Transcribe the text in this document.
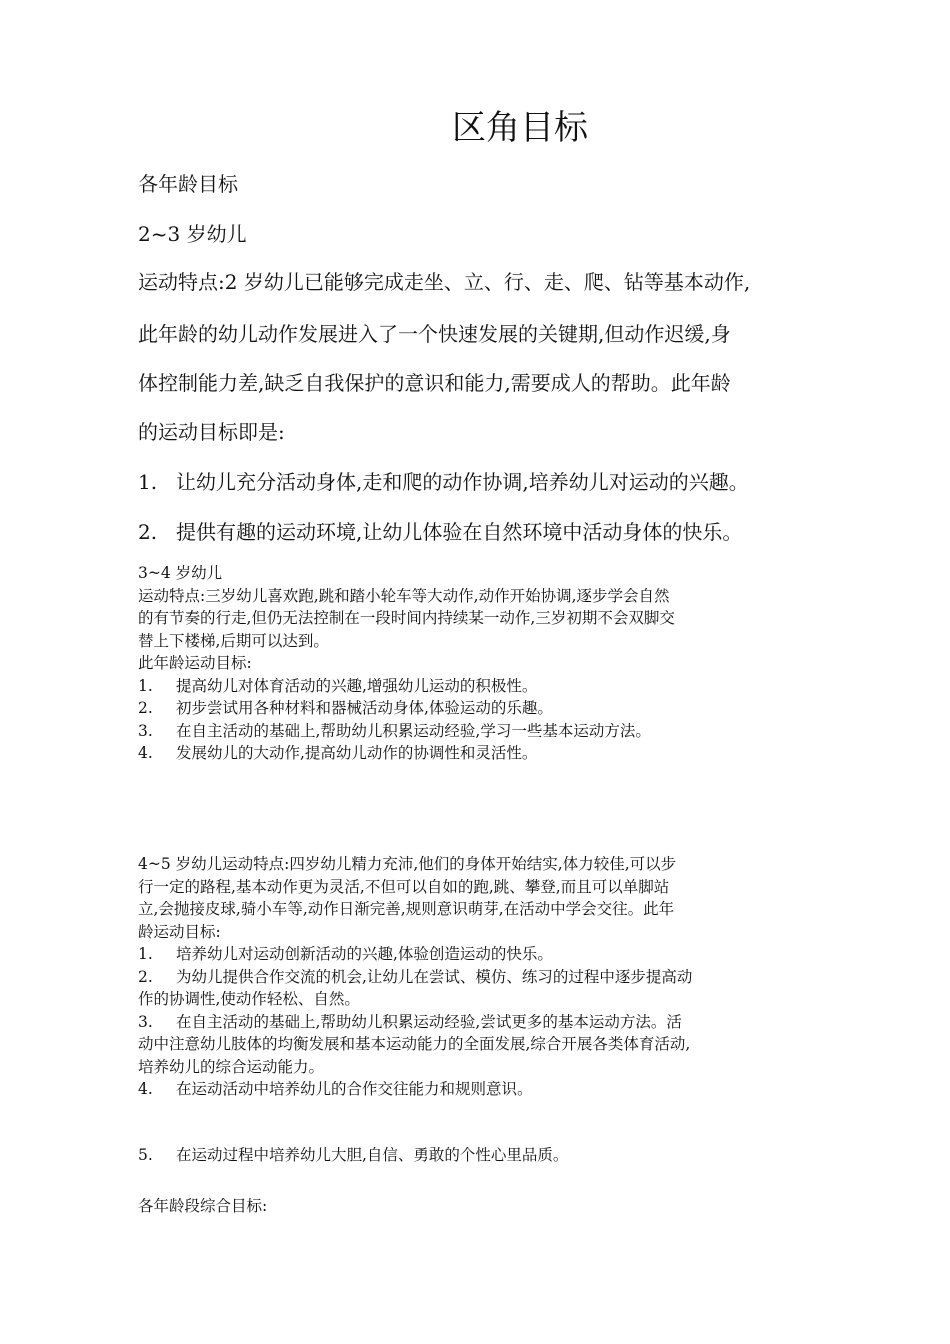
区角目标
各年龄目标
2~3 岁幼儿
运动特点:2 岁幼儿已能够完成走坐、立、行、走、爬、钻等基本动作,
此年龄的幼儿动作发展进入了一个快速发展的关键期,但动作迟缓,身
体控制能力差,缺乏自我保护的意识和能力,需要成人的帮助。此年龄
的运动目标即是:
1. 让幼儿充分活动身体,走和爬的动作协调,培养幼儿对运动的兴趣。
2. 提供有趣的运动环境,让幼儿体验在自然环境中活动身体的快乐。

3~4 岁幼儿

运动特点:三岁幼儿喜欢跑,跳和踏小轮车等大动作,动作开始协调,逐步学会自然

的有节奏的行走,但仍无法控制在一段时间内持续某一动作,三岁初期不会双脚交

替上下楼梯,后期可以达到。

此年龄运动目标:

1. 提高幼儿对体育活动的兴趣,增强幼儿运动的积极性。

2. 初步尝试用各种材料和器械活动身体,体验运动的乐趣。

3. 在自主活动的基础上,帮助幼儿积累运动经验,学习一些基本运动方法。

4. 发展幼儿的大动作,提高幼儿动作的协调性和灵活性。

4~5 岁幼儿运动特点:四岁幼儿精力充沛,他们的身体开始结实,体力较佳,可以步

行一定的路程,基本动作更为灵活,不但可以自如的跑,跳、攀登,而且可以单脚站

立,会抛接皮球,骑小车等,动作日渐完善,规则意识萌芽,在活动中学会交往。此年

龄运动目标:

1. 培养幼儿对运动创新活动的兴趣,体验创造运动的快乐。

2. 为幼儿提供合作交流的机会,让幼儿在尝试、模仿、练习的过程中逐步提高动

作的协调性,使动作轻松、自然。

3. 在自主活动的基础上,帮助幼儿积累运动经验,尝试更多的基本运动方法。活

动中注意幼儿肢体的均衡发展和基本运动能力的全面发展,综合开展各类体育活动,

培养幼儿的综合运动能力。

4. 在运动活动中培养幼儿的合作交往能力和规则意识。

5. 在运动过程中培养幼儿大胆,自信、勇敢的个性心里品质。

各年龄段综合目标:
